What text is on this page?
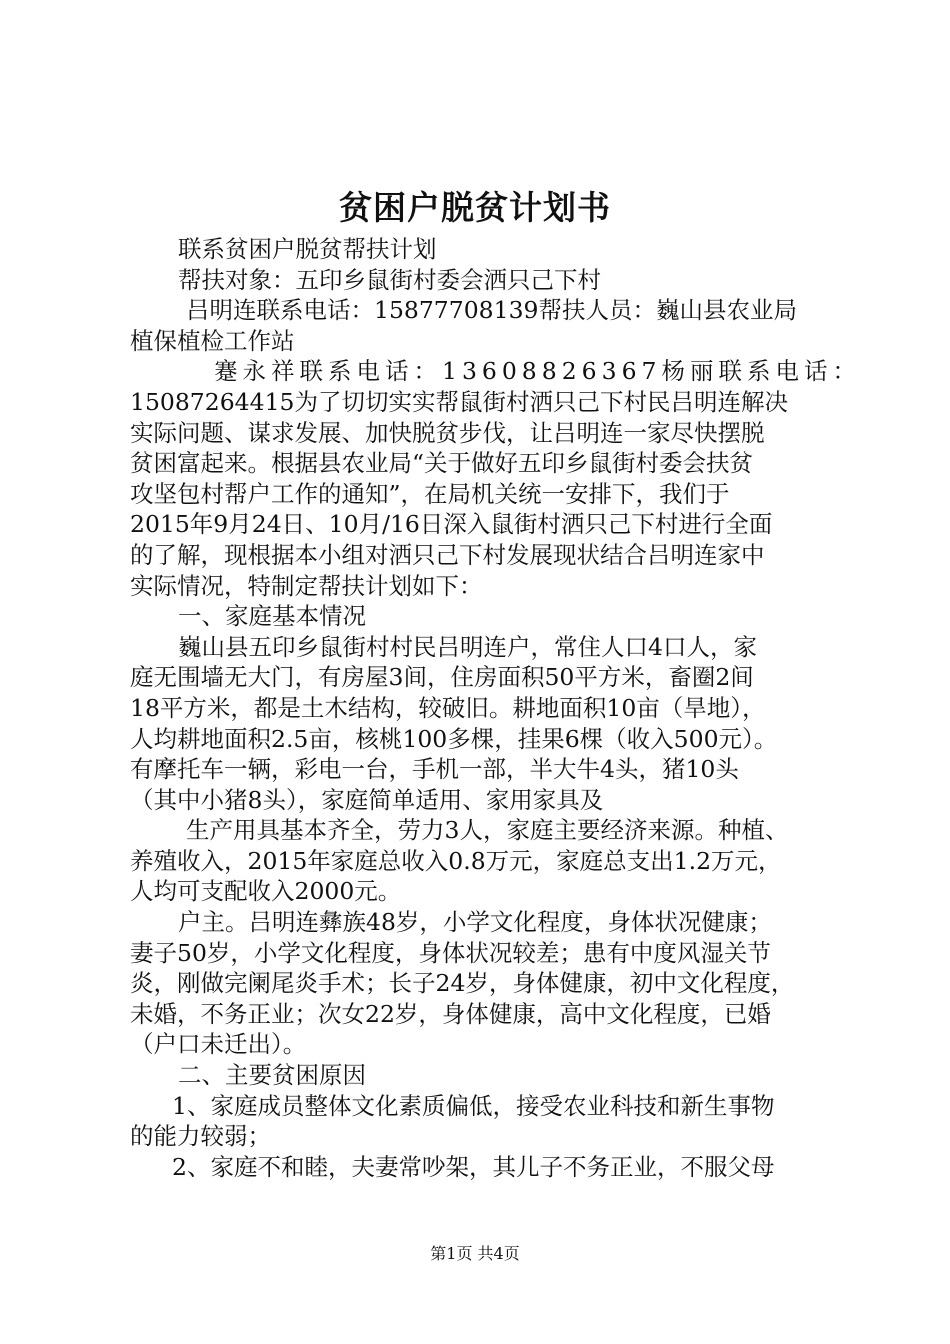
贫困户脱贫计划书
联系贫困户脱贫帮扶计划
帮扶对象：五印乡鼠街村委会洒只己下村
吕明连联系电话：15877708139帮扶人员：巍山县农业局
植保植检工作站
蹇永祥联系电话：13608826367杨丽联系电话：
15087264415为了切切实实帮鼠街村洒只己下村民吕明连解决
实际问题、谋求发展、加快脱贫步伐，让吕明连一家尽快摆脱
贫困富起来。根据县农业局“关于做好五印乡鼠街村委会扶贫
攻坚包村帮户工作的通知”，在局机关统一安排下，我们于
2015年9月24日、10月/16日深入鼠街村洒只己下村进行全面
的了解，现根据本小组对洒只己下村发展现状结合吕明连家中
实际情况，特制定帮扶计划如下：
一、家庭基本情况
巍山县五印乡鼠街村村民吕明连户，常住人口4口人，家
庭无围墙无大门，有房屋3间，住房面积50平方米，畜圈2间
18平方米，都是土木结构，较破旧。耕地面积10亩（旱地），
人均耕地面积2.5亩，核桃100多棵，挂果6棵（收入500元）。
有摩托车一辆，彩电一台，手机一部，半大牛4头，猪10头
（其中小猪8头），家庭简单适用、家用家具及
生产用具基本齐全，劳力3人，家庭主要经济来源。种植、
养殖收入，2015年家庭总收入0.8万元，家庭总支出1.2万元，
人均可支配收入2000元。
户主。吕明连彝族48岁，小学文化程度，身体状况健康；
妻子50岁，小学文化程度，身体状况较差；患有中度风湿关节
炎，刚做完阑尾炎手术；长子24岁，身体健康，初中文化程度，
未婚，不务正业；次女22岁，身体健康，高中文化程度，已婚
（户口未迁出）。
二、主要贫困原因
1、家庭成员整体文化素质偏低，接受农业科技和新生事物
的能力较弱；
2、家庭不和睦，夫妻常吵架，其儿子不务正业，不服父母
第1页 共4页
